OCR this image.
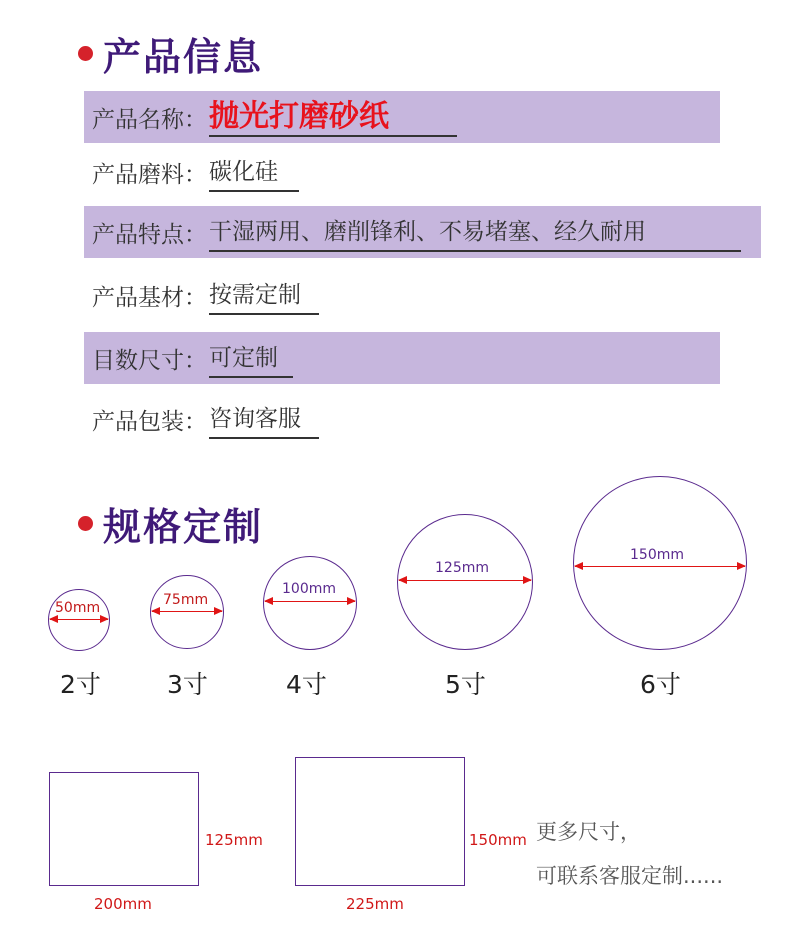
产品信息
产品名称： 抛光打磨砂纸
产品磨料： 碳化硅
产品特点： 干湿两用、磨削锋利、不易堵塞、经久耐用
产品基材： 按需定制
目数尺寸： 可定制
产品包装： 咨询客服
规格定制
50mm
2寸
75mm
3寸
100mm
4寸
125mm
5寸
150mm
6寸
125mm
200mm
150mm
225mm
更多尺寸，
可联系客服定制......
